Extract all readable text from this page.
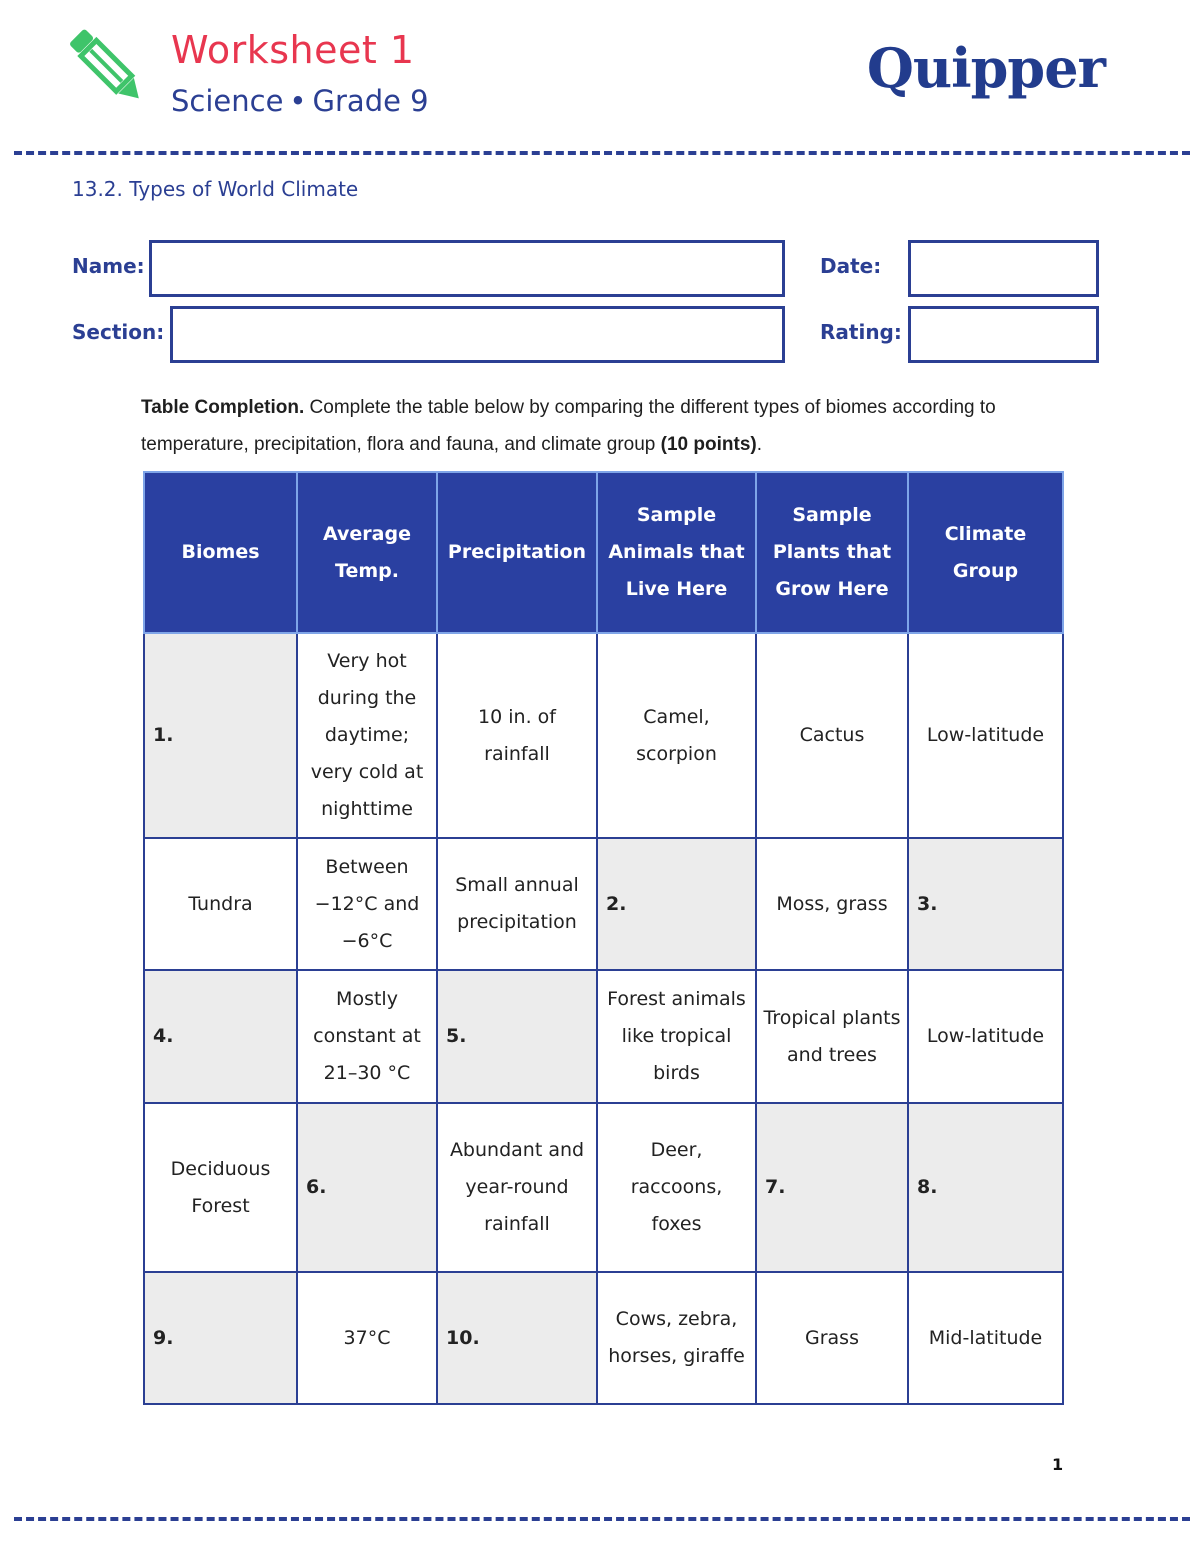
Worksheet 1
Science • Grade 9
Quipper
13.2. Types of World Climate
Name:	Date:
Section:	Rating:
Table Completion. Complete the table below by comparing the different types of biomes according to temperature, precipitation, flora and fauna, and climate group (10 points).
Biomes	Average Temp.	Precipitation	Sample Animals that Live Here	Sample Plants that Grow Here	Climate Group
1.	Very hot during the daytime; very cold at nighttime	10 in. of rainfall	Camel, scorpion	Cactus	Low-latitude
Tundra	Between −12°C and −6°C	Small annual precipitation	2.	Moss, grass	3.
4.	Mostly constant at 21–30 °C	5.	Forest animals like tropical birds	Tropical plants and trees	Low-latitude
Deciduous Forest	6.	Abundant and year-round rainfall	Deer, raccoons, foxes	7.	8.
9.	37°C	10.	Cows, zebra, horses, giraffe	Grass	Mid-latitude
1
